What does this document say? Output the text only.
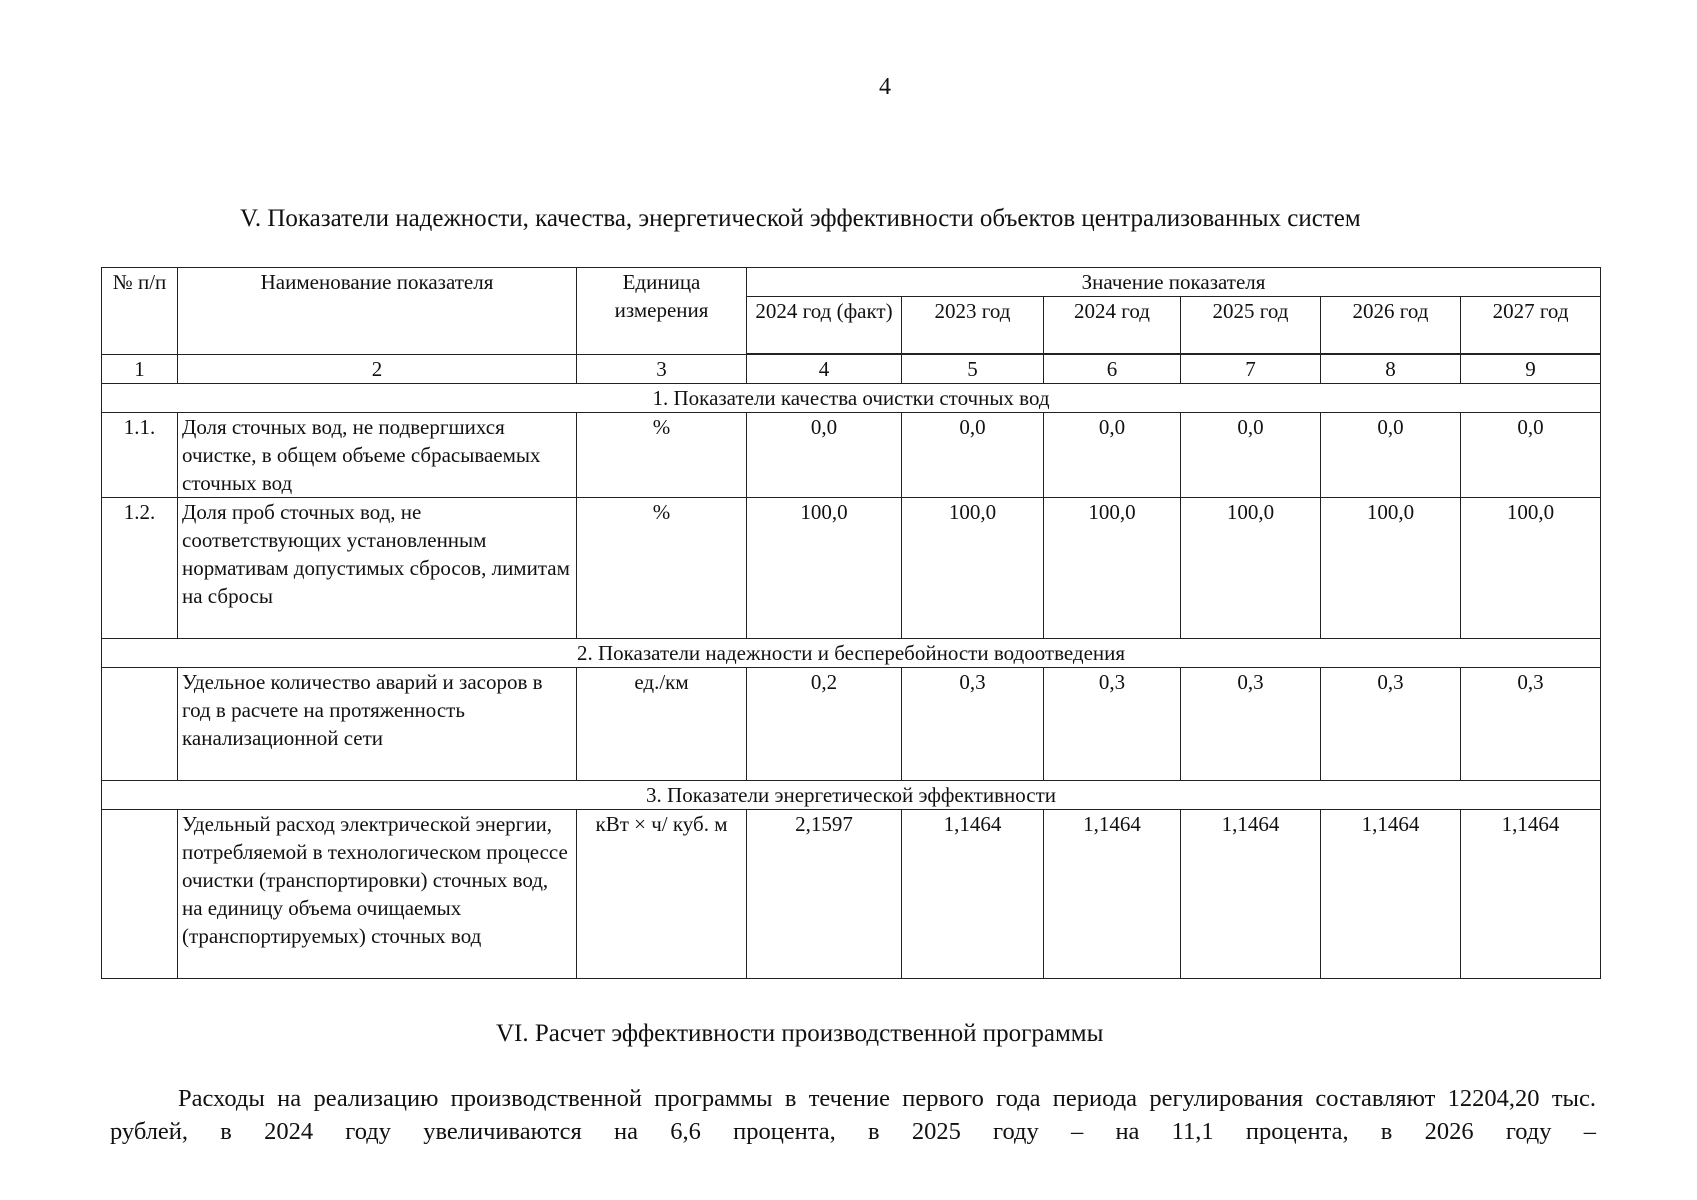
4
V. Показатели надежности, качества, энергетической эффективности объектов централизованных систем
№ п/п	Наименование показателя	Единица измерения	Значение показателя					
			2024 год (факт)	2023 год	2024 год	2025 год	2026 год	2027 год
1	2	3	4	5	6	7	8	9
1. Показатели качества очистки сточных вод								
1.1.	Доля сточных вод, не подвергшихся очистке, в общем объеме сбрасываемых сточных вод	%	0,0	0,0	0,0	0,0	0,0	0,0
1.2.	Доля проб сточных вод, не соответствующих установленным нормативам допустимых сбросов, лимитам на сбросы	%	100,0	100,0	100,0	100,0	100,0	100,0
2. Показатели надежности и бесперебойности водоотведения								
	Удельное количество аварий и засоров в год в расчете на протяженность канализационной сети	ед./км	0,2	0,3	0,3	0,3	0,3	0,3
3. Показатели энергетической эффективности								
	Удельный расход электрической энергии, потребляемой в технологическом процессе очистки (транспортировки) сточных вод, на единицу объема очищаемых (транспортируемых) сточных вод	кВт × ч/ куб. м	2,1597	1,1464	1,1464	1,1464	1,1464	1,1464
VI. Расчет эффективности производственной программы
Расходы на реализацию производственной программы в течение первого года периода регулирования составляют 12204,20 тыс. рублей, в 2024 году увеличиваются на 6,6 процента, в 2025 году – на 11,1 процента, в 2026 году –
